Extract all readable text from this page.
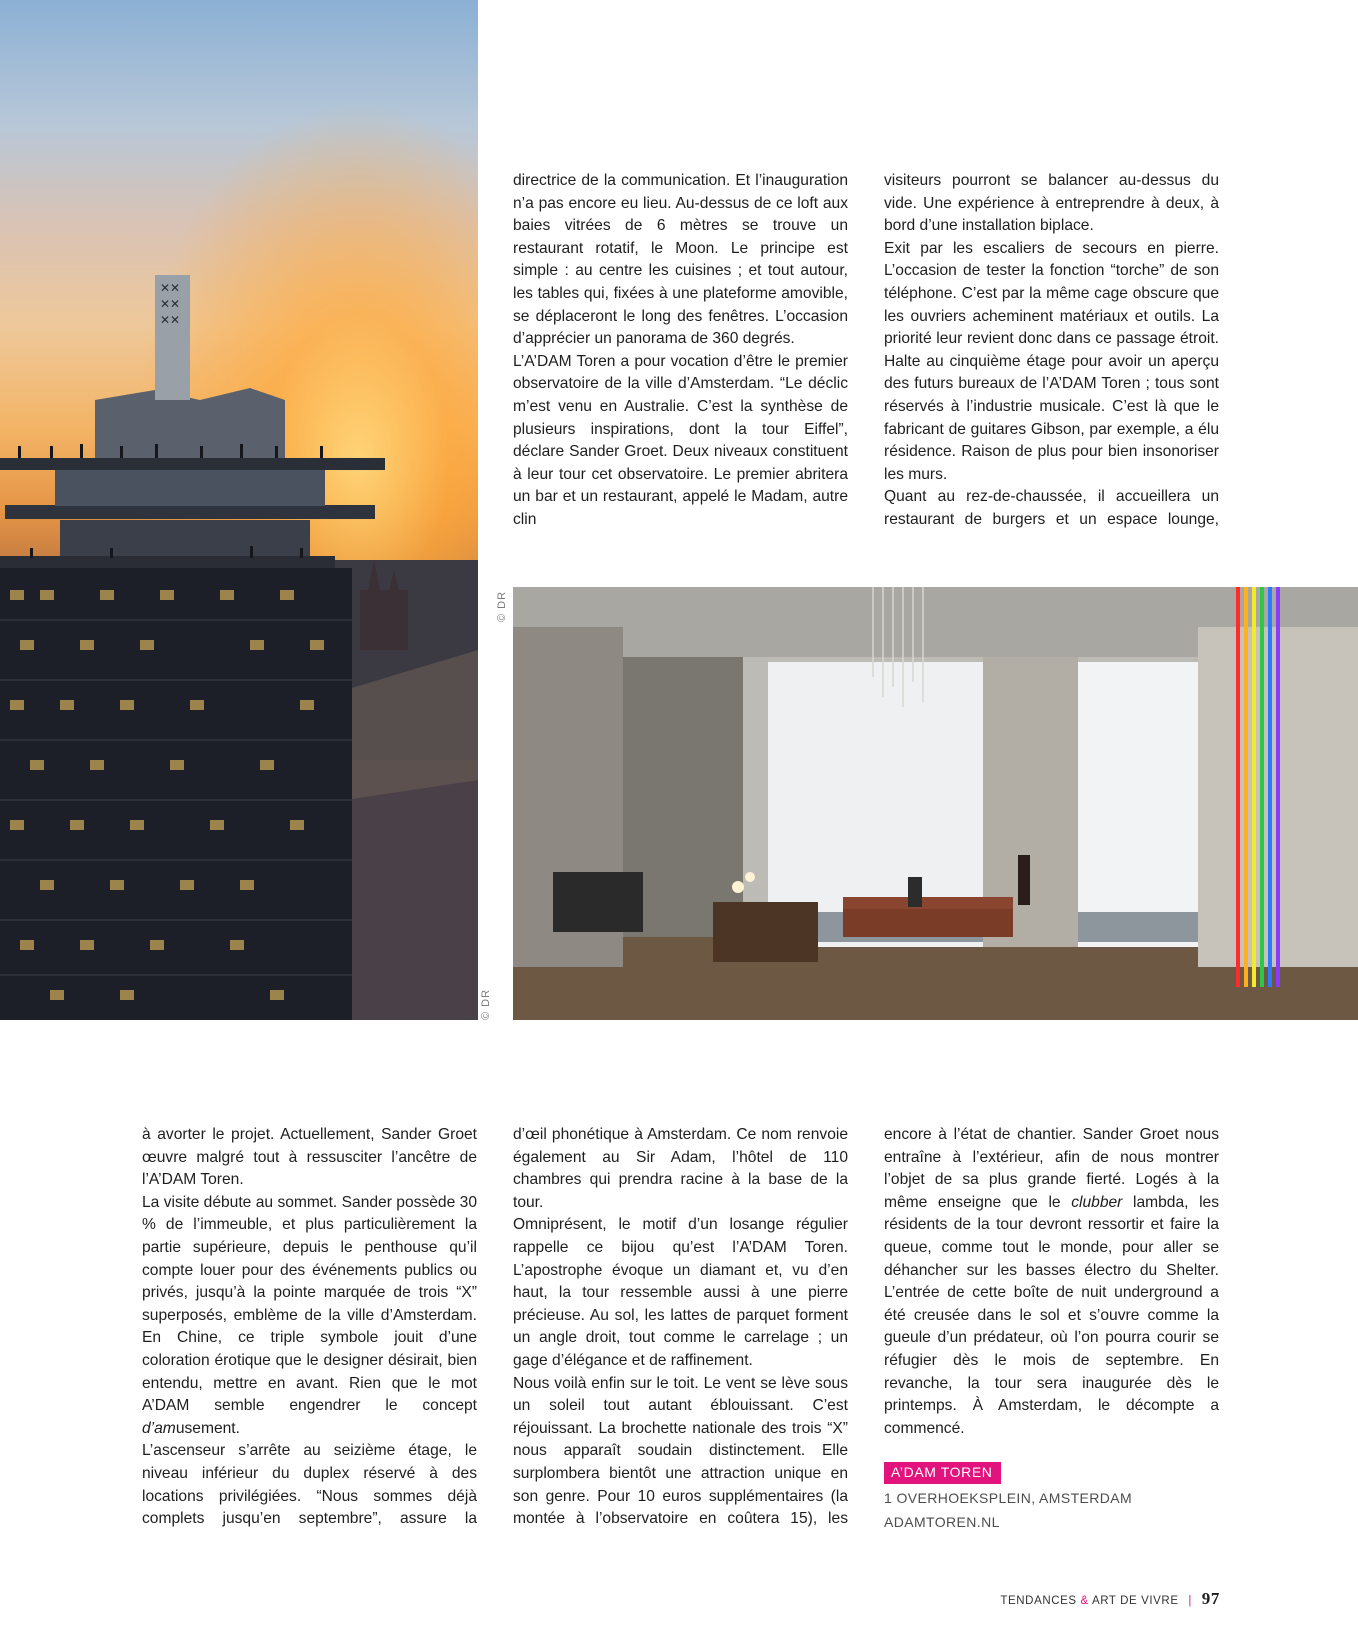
✕✕
✕✕
✕✕
© DR
© DR

directrice de la communication. Et l’inauguration n’a pas encore eu lieu. Au-dessus de ce loft aux baies vitrées de 6 mètres se trouve un restaurant rotatif, le Moon. Le principe est simple : au centre les cuisines ; et tout autour, les tables qui, fixées à une plateforme amovible, se déplaceront le long des fenêtres. L’occasion d’apprécier un panorama de 360 degrés.

L’A’DAM Toren a pour vocation d’être le premier observatoire de la ville d’Amsterdam. “Le déclic m’est venu en Australie. C’est la synthèse de plusieurs inspirations, dont la tour Eiffel”, déclare Sander Groet. Deux niveaux constituent à leur tour cet observatoire. Le premier abritera un bar et un restaurant, appelé le Madam, autre clin

visiteurs pourront se balancer au-dessus du vide. Une expérience à entreprendre à deux, à bord d’une installation biplace.

Exit par les escaliers de secours en pierre. L’occasion de tester la fonction “torche” de son téléphone. C’est par la même cage obscure que les ouvriers acheminent matériaux et outils. La priorité leur revient donc dans ce passage étroit. Halte au cinquième étage pour avoir un aperçu des futurs bureaux de l’A’DAM Toren ; tous sont réservés à l’industrie musicale. C’est là que le fabricant de guitares Gibson, par exemple, a élu résidence. Raison de plus pour bien insonoriser les murs.

Quant au rez-de-chaussée, il accueillera un restaurant de burgers et un espace lounge,

à avorter le projet. Actuellement, Sander Groet œuvre malgré tout à ressusciter l’ancêtre de l’A’DAM Toren.

La visite débute au sommet. Sander possède 30 % de l’immeuble, et plus particulièrement la partie supérieure, depuis le penthouse qu’il compte louer pour des événements publics ou privés, jusqu’à la pointe marquée de trois “X” superposés, emblème de la ville d’Amsterdam. En Chine, ce triple symbole jouit d’une coloration érotique que le designer désirait, bien entendu, mettre en avant. Rien que le mot A’DAM semble engendrer le concept d’amusement.

L’ascenseur s’arrête au seizième étage, le niveau inférieur du duplex réservé à des locations privilégiées. “Nous sommes déjà complets jusqu’en septembre”, assure la

d’œil phonétique à Amsterdam. Ce nom renvoie également au Sir Adam, l’hôtel de 110 chambres qui prendra racine à la base de la tour.

Omniprésent, le motif d’un losange régulier rappelle ce bijou qu’est l’A’DAM Toren. L’apostrophe évoque un diamant et, vu d’en haut, la tour ressemble aussi à une pierre précieuse. Au sol, les lattes de parquet forment un angle droit, tout comme le carrelage ; un gage d’élégance et de raffinement.

Nous voilà enfin sur le toit. Le vent se lève sous un soleil tout autant éblouissant. C’est réjouissant. La brochette nationale des trois “X” nous apparaît soudain distinctement. Elle surplombera bientôt une attraction unique en son genre. Pour 10 euros supplémentaires (la montée à l’observatoire en coûtera 15), les

encore à l’état de chantier. Sander Groet nous entraîne à l’extérieur, afin de nous montrer l’objet de sa plus grande fierté. Logés à la même enseigne que le clubber lambda, les résidents de la tour devront ressortir et faire la queue, comme tout le monde, pour aller se déhancher sur les basses électro du Shelter. L’entrée de cette boîte de nuit underground a été creusée dans le sol et s’ouvre comme la gueule d’un prédateur, où l’on pourra courir se réfugier dès le mois de septembre. En revanche, la tour sera inaugurée dès le printemps. À Amsterdam, le décompte a commencé.

A’DAM TOREN
1 OVERHOEKSPLEIN, AMSTERDAM
ADAMTOREN.NL
TENDANCES & ART DE VIVRE | 97
